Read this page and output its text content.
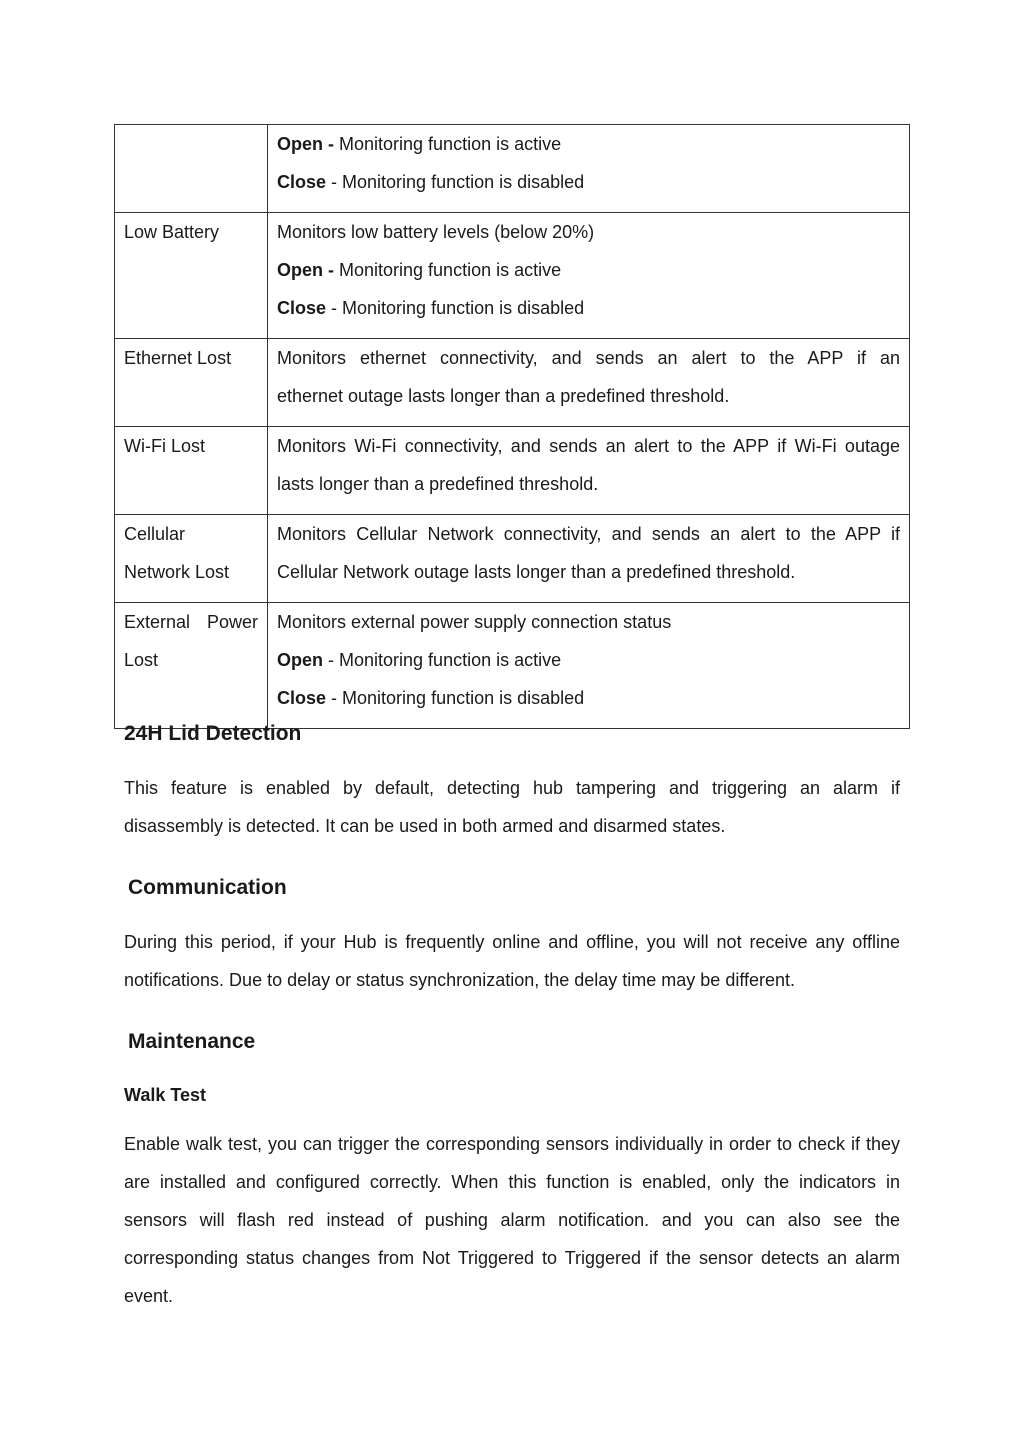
	Open - Monitoring function is active
Close - Monitoring function is disabled

Low Battery	Monitors low battery levels (below 20%)
Open - Monitoring function is active
Close - Monitoring function is disabled

Ethernet Lost	Monitors ethernet connectivity, and sends an alert to the APP if an
ethernet outage lasts longer than a predefined threshold.

Wi-Fi Lost	Monitors Wi-Fi connectivity, and sends an alert to the APP if Wi-Fi outage
lasts longer than a predefined threshold.

Cellular
Network Lost	Monitors Cellular Network connectivity, and sends an alert to the APP if
Cellular Network outage lasts longer than a predefined threshold.

External Power
Lost	Monitors external power supply connection status
Open - Monitoring function is active
Close - Monitoring function is disabled
24H Lid Detection

This feature is enabled by default, detecting hub tampering and triggering an alarm if disassembly is detected. It can be used in both armed and disarmed states.

Communication

During this period, if your Hub is frequently online and offline, you will not receive any offline notifications. Due to delay or status synchronization, the delay time may be different.

Maintenance
Walk Test

Enable walk test, you can trigger the corresponding sensors individually in order to check if they are installed and configured correctly. When this function is enabled, only the indicators in sensors will flash red instead of pushing alarm notification. and you can also see the corresponding status changes from Not Triggered to Triggered if the sensor detects an alarm event.
